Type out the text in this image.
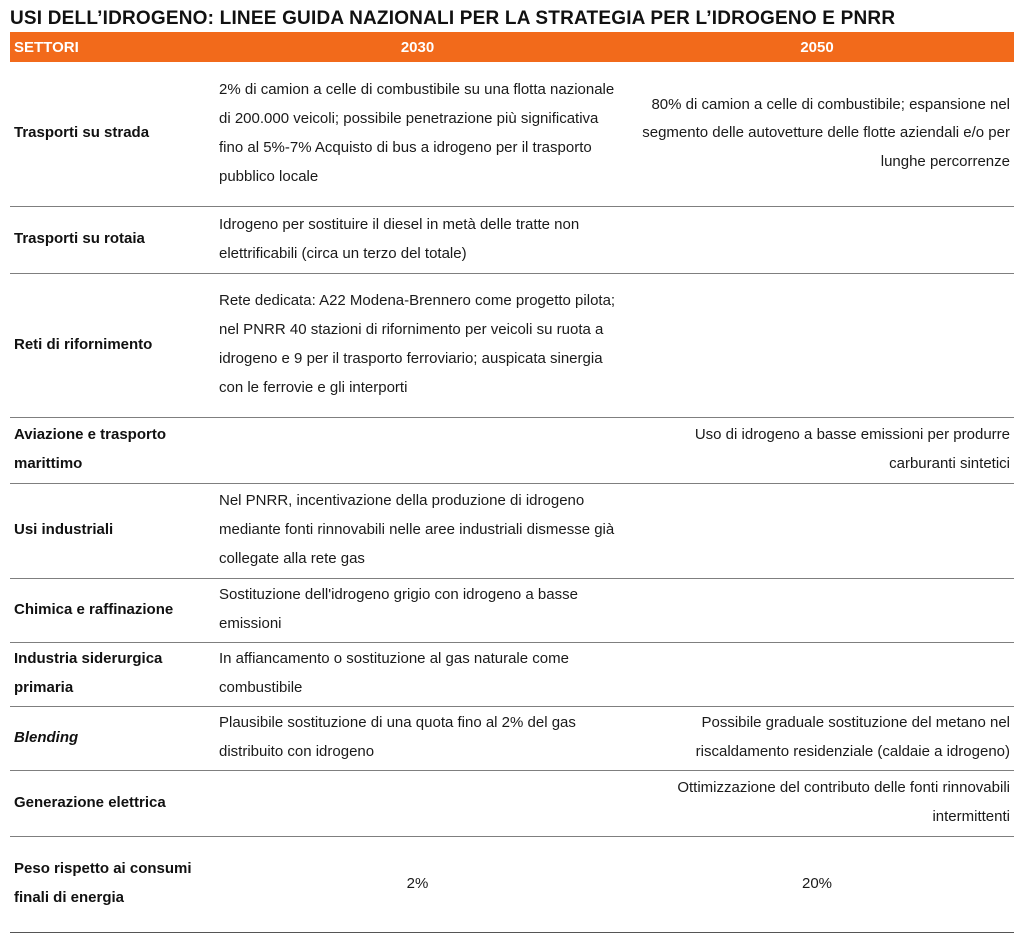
USI DELL’IDROGENO: LINEE GUIDA NAZIONALI PER LA STRATEGIA PER L’IDROGENO E PNRR
SETTORI	2030	2050
Trasporti su strada	2% di camion a celle di combustibile su una flotta nazionale di 200.000 veicoli; possibile penetrazione più significativa fino al 5%-7% Acquisto di bus a idrogeno per il trasporto pubblico locale	80% di camion a celle di combustibile; espansione nel segmento delle autovetture delle flotte aziendali e/o per lunghe percorrenze
Trasporti su rotaia	Idrogeno per sostituire il diesel in metà delle tratte non elettrificabili (circa un terzo del totale)	
Reti di rifornimento	Rete dedicata: A22 Modena-Brennero come progetto pilota; nel PNRR 40 stazioni di rifornimento per veicoli su ruota a idrogeno e 9 per il trasporto ferroviario; auspicata sinergia con le ferrovie e gli interporti	
Aviazione e trasporto marittimo		Uso di idrogeno a basse emissioni per produrre carburanti sintetici
Usi industriali	Nel PNRR, incentivazione della produzione di idrogeno mediante fonti rinnovabili nelle aree industriali dismesse già collegate alla rete gas	
Chimica e raffinazione	Sostituzione dell'idrogeno grigio con idrogeno a basse emissioni	
Industria siderurgica primaria	In affiancamento o sostituzione al gas naturale come combustibile	
Blending	Plausibile sostituzione di una quota fino al 2% del gas distribuito con idrogeno	Possibile graduale sostituzione del metano nel riscaldamento residenziale (caldaie a idrogeno)
Generazione elettrica		Ottimizzazione del contributo delle fonti rinnovabili intermittenti
Peso rispetto ai consumi finali di energia	2%	20%
